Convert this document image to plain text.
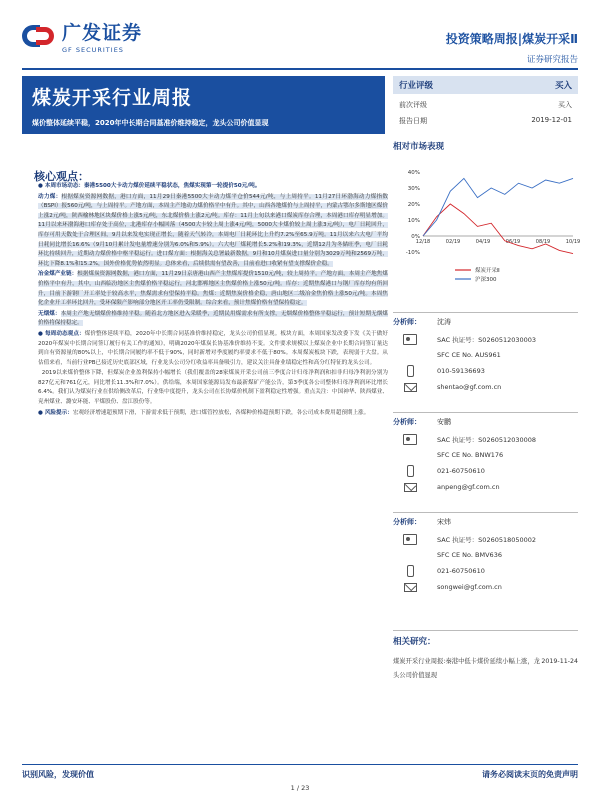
广发证券
GF SECURITIES
投资策略周报|煤炭开采Ⅱ
证券研究报告
煤炭开采行业周报
煤价整体延续平稳，2020年中长期合同基准价维持稳定，龙头公司价值显现
行业评级	买入
前次评级	买入
报告日期	2019-12-01
核心观点：

● 本周市场动态：秦港5500大卡动力煤价延续平稳状态，焦煤实现第一轮提价50元/吨。

动力煤：根据煤炭资源网数据，港口方面，11月29日秦港5500大卡动力煤平仓价544元/吨，与上周持平。11月27日环渤海动力煤指数（BSPI）报560元/吨，与上周持平。产地方面，本周主产地动力煤价格平中有升。其中，山西各地煤价与上周持平，内蒙古鄂尔多斯地区煤价上涨2元/吨，陕西榆林地区块煤价格上涨5元/吨，东北煤价格上涨2元/吨。库存：11月上旬以来港口煤炭库存合理，本周港口库存明显增加。11月以来环渤海港口库存处于高位，北港库存小幅回落（4500大卡较上周上涨4元/吨，5000大卡煤价较上周上涨3元/吨），电厂日耗回升，库存可用天数处于合理区间，9月以来发电实现正增长，随着天气转冷，本周电厂日耗环比上升约7.2%至65.9万吨。11月以来六大电厂平均日耗同比增长16.6%（9月10月累计发电量增速分别为6.0%和5.9%）。六大电厂煤耗增长5.2%和19.3%，近期12月为冬储旺季，电厂日耗环比持续回升，近期动力煤价格中枢平稳运行。进口煤方面：根据海关总署最新数据，9月和10月煤炭进口量分别为3029万吨和2569万吨，环比下降8.1%和15.2%，国外价格优势依然明显。总体来看，后续供需有望改善，目前看进口收紧有望支撑煤价企稳。

冶金煤产业链：根据煤炭资源网数据，港口方面，11月29日京唐港山西产主焦煤库提价1510元/吨，较上周持平。产地方面，本周主产地焦煤价格平中有升，其中，山西临汾地区主焦煤价格平稳运行，河北邯郸地区主焦煤价格上涨50元/吨。库存：近期焦煤港口与钢厂库存均有所回升，目前下游钢厂开工率处于较高水平，焦煤需求有望保持平稳。焦煤：近期焦炭价格企稳，唐山地区二级冶金焦价格上涨50元/吨。本周焦化企业开工率环比回升，受环保限产影响部分地区开工率仍受限制。综合来看，预计焦煤价格有望保持稳定。

无烟煤：本周主产地无烟煤价格维持平稳。随着北方地区进入采暖季，近期民用煤需求有所支撑，无烟煤价格整体平稳运行，预计短期无烟煤价格将保持稳定。

● 每周动态观点：煤价整体延续平稳，2020年中长期合同基准价维持稳定，龙头公司价值显现。板块方面，本周国家发改委下发《关于做好2020年煤炭中长期合同签订履行有关工作的通知》，明确2020年煤炭长协基准价维持不变。文件要求规模以上煤炭企业中长期合同签订量达到自有资源量的80%以上，中长期合同履约率不低于90%，同时新增对季度履约率要求不低于80%。本周煤炭板块下跌，表现弱于大盘。从估值来看，当前行业PB已接近历史底部区域，行业龙头公司分红收益率具备吸引力，建议关注具备业绩稳定性和高分红特征的龙头公司。

2019以来煤价整体下降，但煤炭企业盈利保持小幅增长（我们覆盖的28家煤炭开采公司前三季度合计归母净利润和扣非归母净利润分别为827亿元和761亿元，同比增长11.3%和7.0%）。供给端，本周国家能源局发布最新煤矿产能公告，第3季度各公司整体归母净利润环比增长6.4%。我们认为煤炭行业在供给侧改革后，行业集中度提升，龙头公司在长协煤价机制下盈利稳定性增强。重点关注：中国神华、陕西煤业、兖州煤业、潞安环能、平煤股份、盘江股份等。

● 风险提示：宏观经济增速超预期下滑，下游需求低于预期，进口煤管控放松，各煤种价格超预期下跌，各公司成本费用超预期上涨。

相对市场表现
40%
30%
20%
10%
0%
-10%
12/18	02/19	04/19	06/19	08/19	10/19
煤炭开采Ⅱ
沪深300
分析师：	沈涛
SAC 执证号：S0260512030003
SFC CE No. AUS961
010-59136693
shentao@gf.com.cn
分析师：	安鹏
SAC 执证号：S0260512030008
SFC CE No. BNW176
021-60750610
anpeng@gf.com.cn
分析师：	宋炜
SAC 执证号：S0260518050002
SFC CE No. BMV636
021-60750610
songwei@gf.com.cn
相关研究：
2019-11-24
煤炭开采行业周报:秦港中低卡煤价延续小幅上涨，龙头公司价值显现
识别风险，发现价值	请务必阅读末页的免责声明
1 / 23
